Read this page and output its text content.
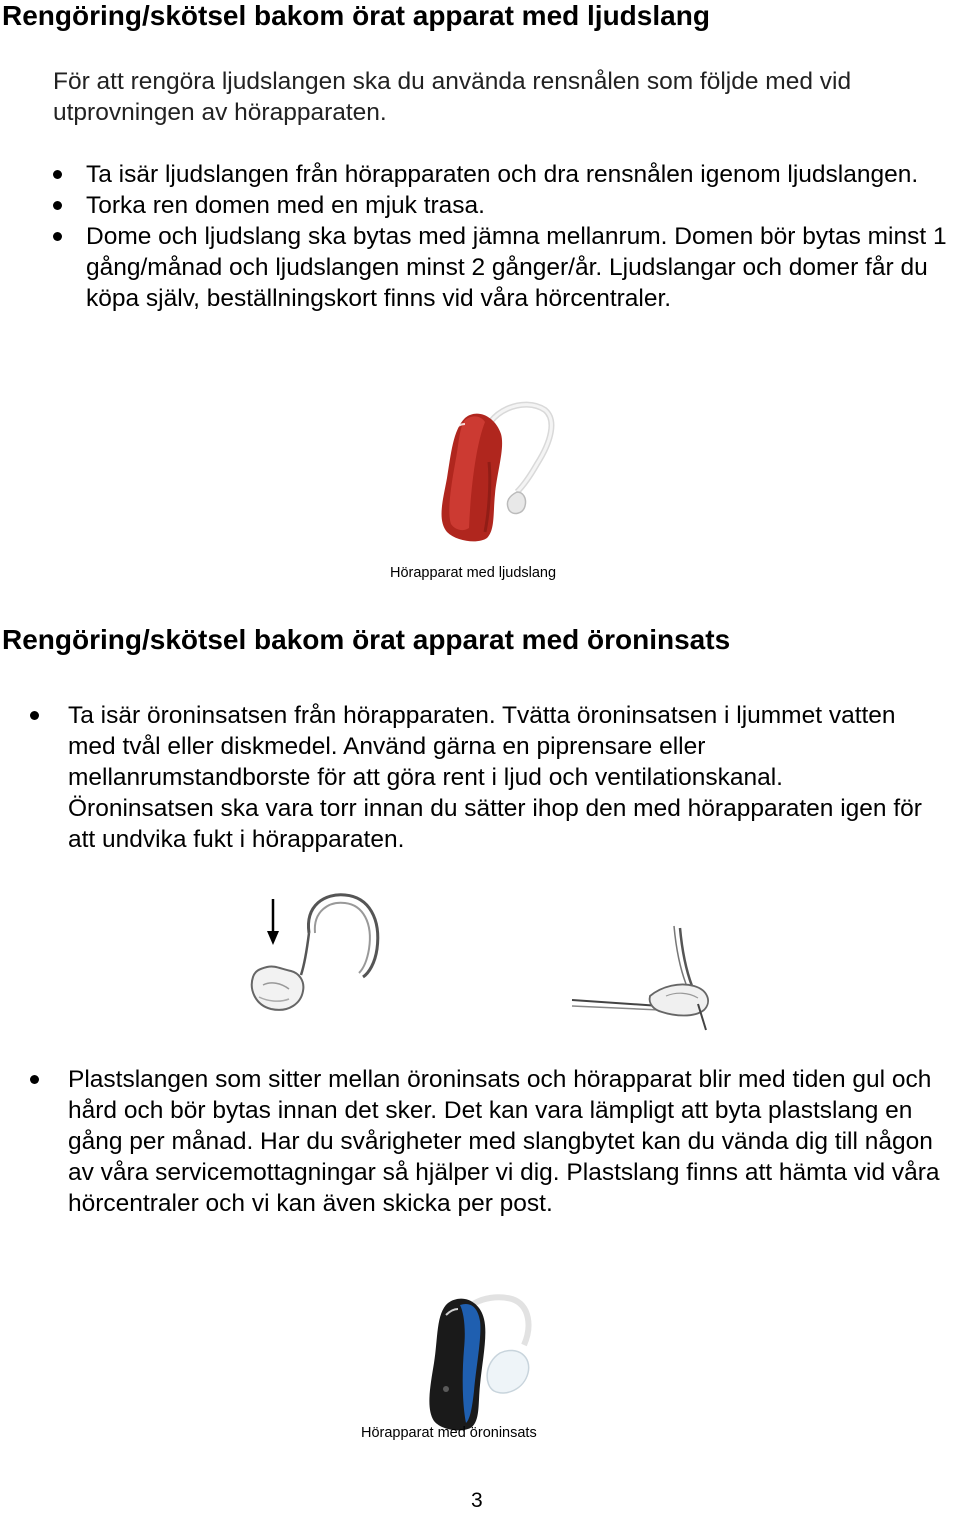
Rengöring/skötsel bakom örat apparat med ljudslang

För att rengöra ljudslangen ska du använda rensnålen som följde med vid utprovningen av hörapparaten.

Ta isär ljudslangen från hörapparaten och dra rensnålen igenom ljudslangen.
Torka ren domen med en mjuk trasa.
Dome och ljudslang ska bytas med jämna mellanrum. Domen bör bytas minst 1 gång/månad och ljudslangen minst 2 gånger/år. Ljudslangar och domer får du köpa själv, beställningskort finns vid våra hörcentraler.
Hörapparat med ljudslang
Rengöring/skötsel bakom örat apparat med öroninsats
Ta isär öroninsatsen från hörapparaten. Tvätta öroninsatsen i ljummet vatten med tvål eller diskmedel. Använd gärna en piprensare eller mellanrumstandborste för att göra rent i ljud och ventilationskanal. Öroninsatsen ska vara torr innan du sätter ihop den med hörapparaten igen för att undvika fukt i hörapparaten.
Plastslangen som sitter mellan öroninsats och hörapparat blir med tiden gul och hård och bör bytas innan det sker. Det kan vara lämpligt att byta plastslang en gång per månad. Har du svårigheter med slangbytet kan du vända dig till någon av våra servicemottagningar så hjälper vi dig. Plastslang finns att hämta vid våra hörcentraler och vi kan även skicka per post.
Hörapparat med öroninsats
3
